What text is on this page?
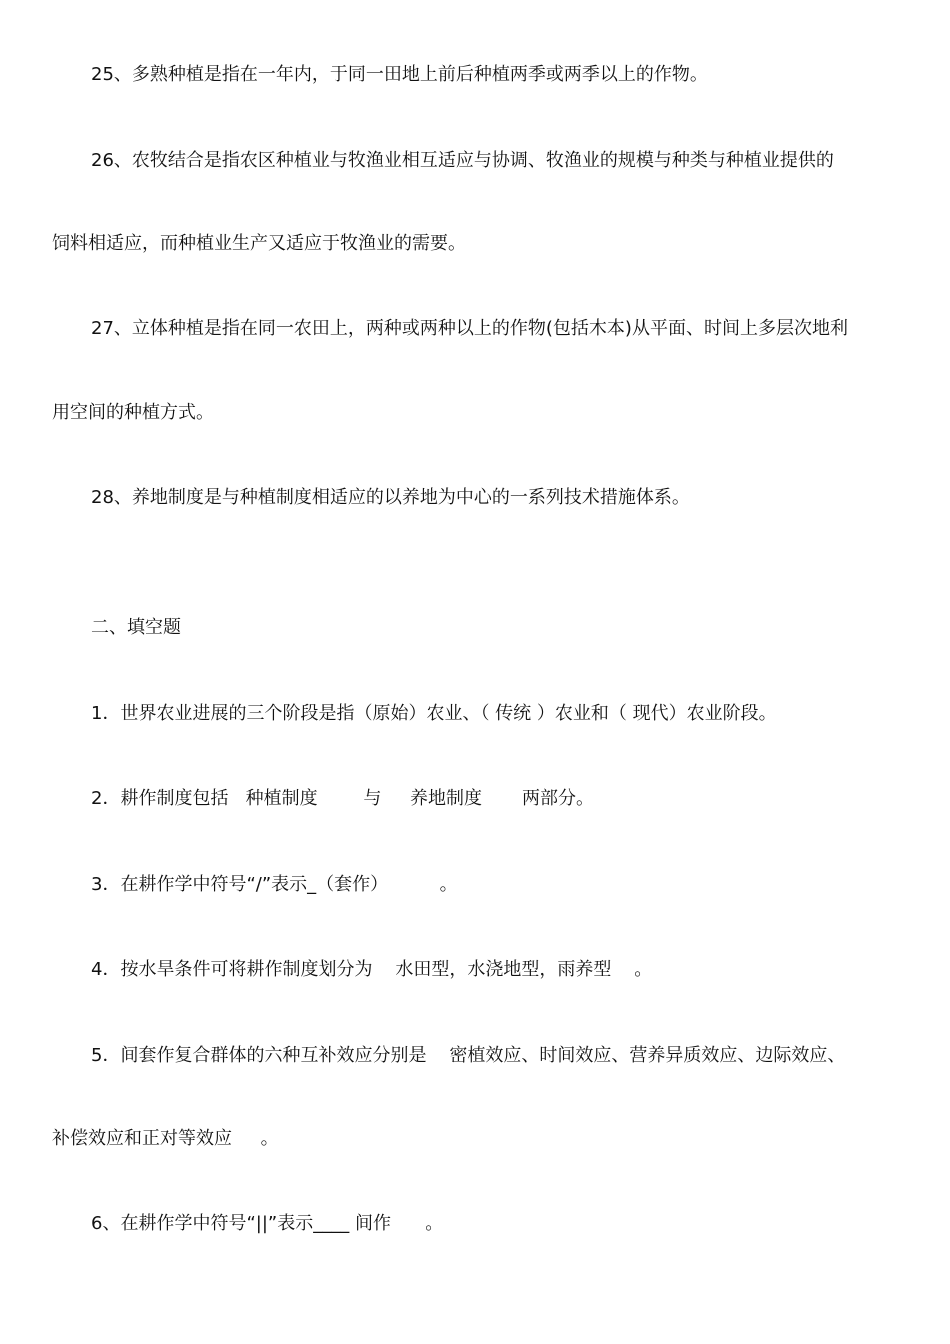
25、多熟种植是指在一年内，于同一田地上前后种植两季或两季以上的作物。
26、农牧结合是指农区种植业与牧渔业相互适应与协调、牧渔业的规模与种类与种植业提供的
饲料相适应，而种植业生产又适应于牧渔业的需要。
27、立体种植是指在同一农田上，两种或两种以上的作物(包括木本)从平面、时间上多层次地利
用空间的种植方式。
28、养地制度是与种植制度相适应的以养地为中心的一系列技术措施体系。
二、填空题
1．世界农业进展的三个阶段是指（原始）农业、（ 传统 ）农业和（ 现代）农业阶段。
2．耕作制度包括   种植制度        与     养地制度       两部分。
3．在耕作学中符号“/”表示_（套作）         。
4．按水旱条件可将耕作制度划分为    水田型，水浇地型，雨养型    。
5．间套作复合群体的六种互补效应分别是    密植效应、时间效应、营养异质效应、边际效应、
补偿效应和正对等效应     。
6、在耕作学中符号“||”表示____ 间作      。
